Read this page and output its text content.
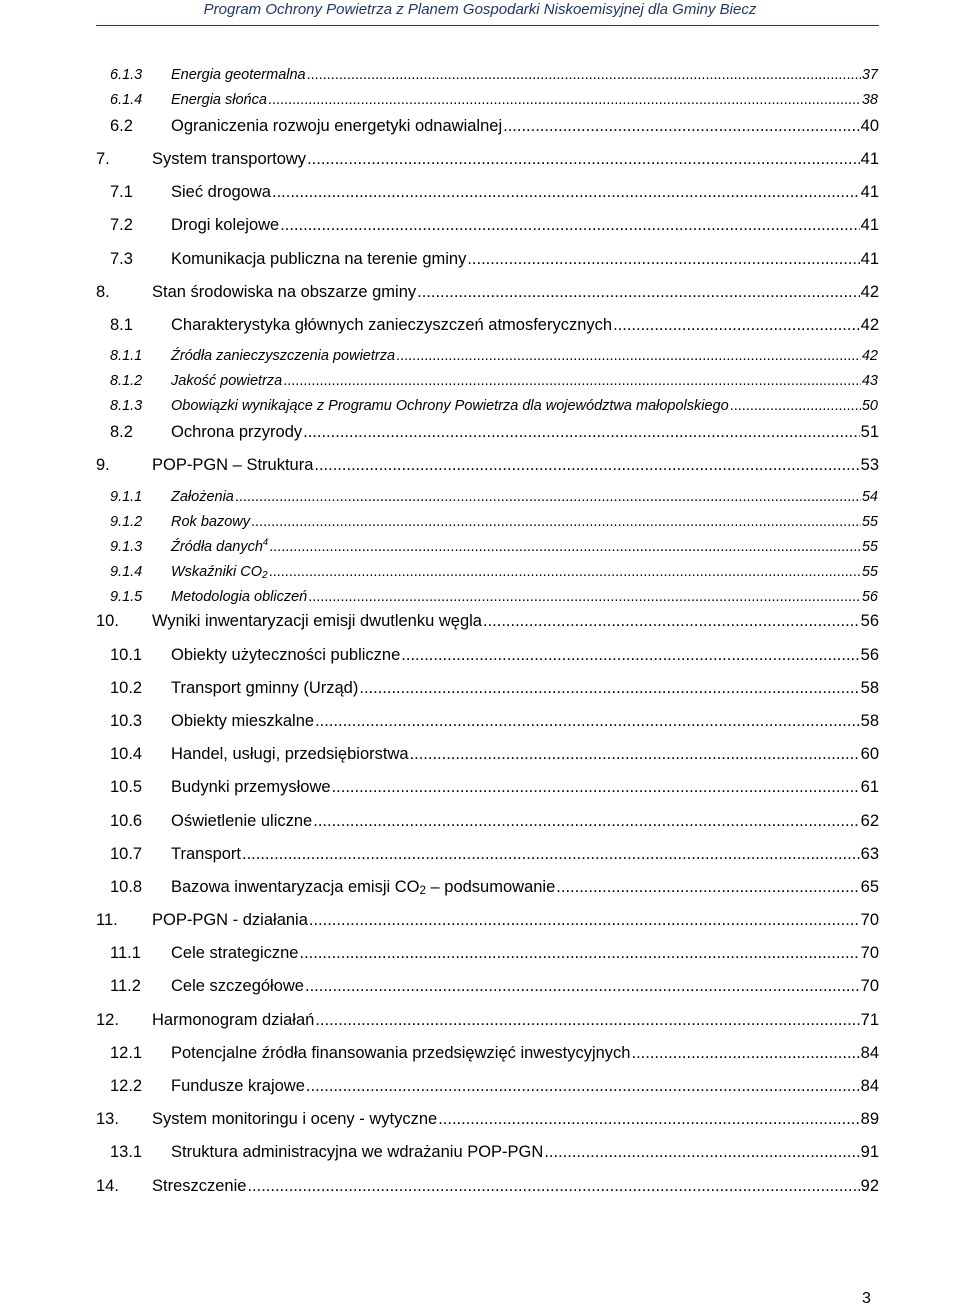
Program Ochrony Powietrza z Planem Gospodarki Niskoemisyjnej dla Gminy Biecz
6.1.3	Energia geotermalna .....	37
6.1.4	Energia słońca .....	38
6.2	Ograniczenia rozwoju energetyki odnawialnej .....	40
7.	System transportowy .....	41
7.1	Sieć drogowa .....	41
7.2	Drogi kolejowe .....	41
7.3	Komunikacja publiczna na terenie gminy .....	41
8.	Stan środowiska na obszarze gminy .....	42
8.1	Charakterystyka głównych zanieczyszczeń atmosferycznych .....	42
8.1.1	Źródła zanieczyszczenia powietrza .....	42
8.1.2	Jakość powietrza .....	43
8.1.3	Obowiązki wynikające z Programu Ochrony Powietrza dla województwa małopolskiego .....	50
8.2	Ochrona przyrody .....	51
9.	POP-PGN – Struktura .....	53
9.1.1	Założenia .....	54
9.1.2	Rok bazowy .....	55
9.1.3	Źródła danych$^4$ .....	55
9.1.4	Wskaźniki $CO_2$ .....	55
9.1.5	Metodologia obliczeń .....	56
10.	Wyniki inwentaryzacji emisji dwutlenku węgla .....	56
10.1	Obiekty użyteczności publiczne .....	56
10.2	Transport gminny (Urząd) .....	58
10.3	Obiekty mieszkalne .....	58
10.4	Handel, usługi, przedsiębiorstwa .....	60
10.5	Budynki przemysłowe .....	61
10.6	Oświetlenie uliczne .....	62
10.7	Transport .....	63
10.8	Bazowa inwentaryzacja emisji $CO_2$ – podsumowanie .....	65
11.	POP-PGN - działania .....	70
11.1	Cele strategiczne .....	70
11.2	Cele szczegółowe .....	70
12.	Harmonogram działań .....	71
12.1	Potencjalne źródła finansowania przedsięwzięć inwestycyjnych .....	84
12.2	Fundusze krajowe .....	84
13.	System monitoringu i oceny - wytyczne .....	89
13.1	Struktura administracyjna we wdrażaniu POP-PGN .....	91
14.	Streszczenie .....	92
3
